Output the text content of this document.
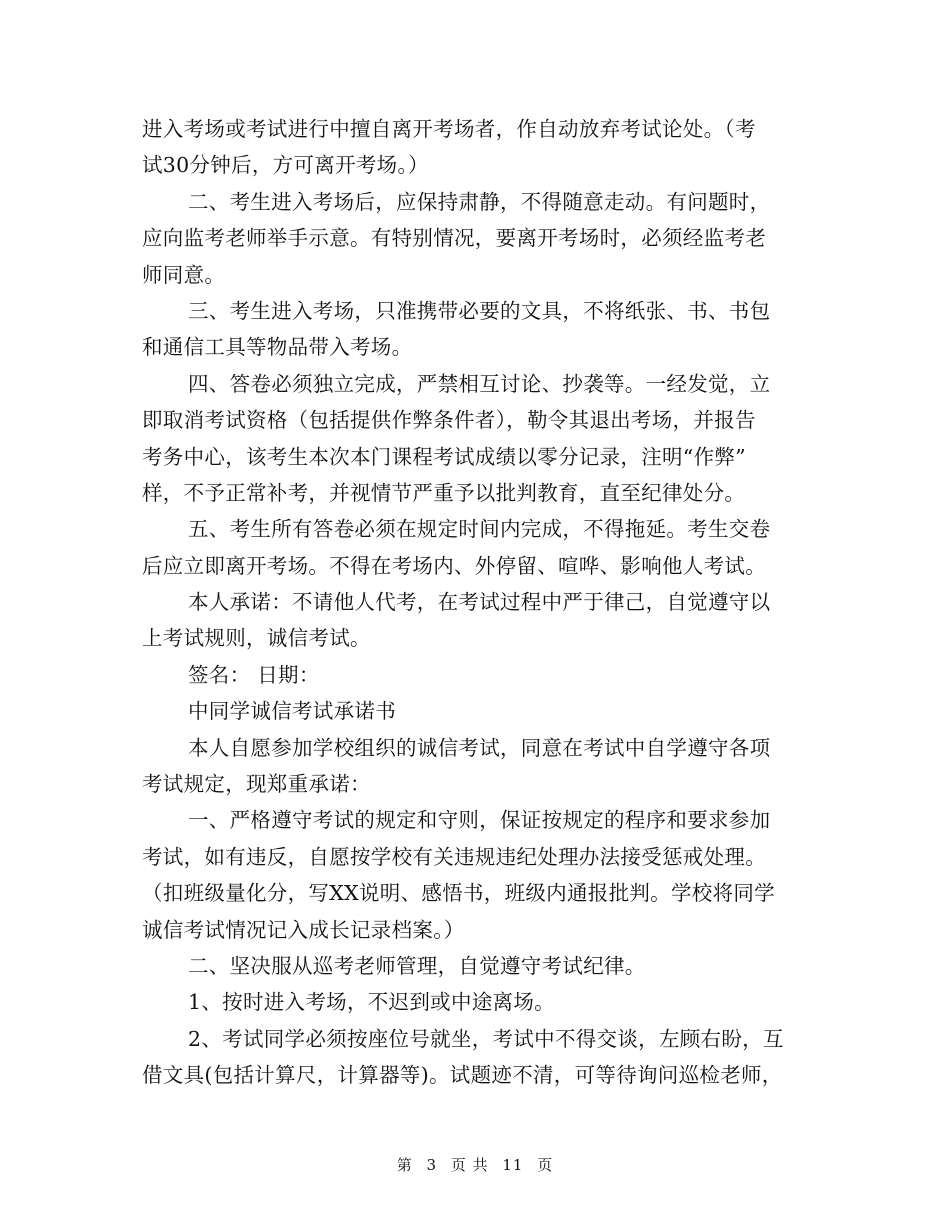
进入考场或考试进行中擅自离开考场者，作自动放弃考试论处。（考
试30分钟后，方可离开考场。）
二、考生进入考场后，应保持肃静，不得随意走动。有问题时，
应向监考老师举手示意。有特别情况，要离开考场时，必须经监考老
师同意。
三、考生进入考场，只准携带必要的文具，不将纸张、书、书包
和通信工具等物品带入考场。
四、答卷必须独立完成，严禁相互讨论、抄袭等。一经发觉，立
即取消考试资格（包括提供作弊条件者），勒令其退出考场，并报告
考务中心，该考生本次本门课程考试成绩以零分记录，注明“作弊”
样，不予正常补考，并视情节严重予以批判教育，直至纪律处分。
五、考生所有答卷必须在规定时间内完成，不得拖延。考生交卷
后应立即离开考场。不得在考场内、外停留、喧哗、影响他人考试。
本人承诺：不请他人代考，在考试过程中严于律己，自觉遵守以
上考试规则，诚信考试。
签名： 日期：
中同学诚信考试承诺书
本人自愿参加学校组织的诚信考试，同意在考试中自学遵守各项
考试规定，现郑重承诺：
一、严格遵守考试的规定和守则，保证按规定的程序和要求参加
考试，如有违反，自愿按学校有关违规违纪处理办法接受惩戒处理。
（扣班级量化分，写XX说明、感悟书，班级内通报批判。学校将同学
诚信考试情况记入成长记录档案。）
二、坚决服从巡考老师管理，自觉遵守考试纪律。
1、按时进入考场，不迟到或中途离场。
2、考试同学必须按座位号就坐，考试中不得交谈，左顾右盼，互
借文具(包括计算尺，计算器等)。试题迹不清，可等待询问巡检老师，
第 3 页 共 11 页
